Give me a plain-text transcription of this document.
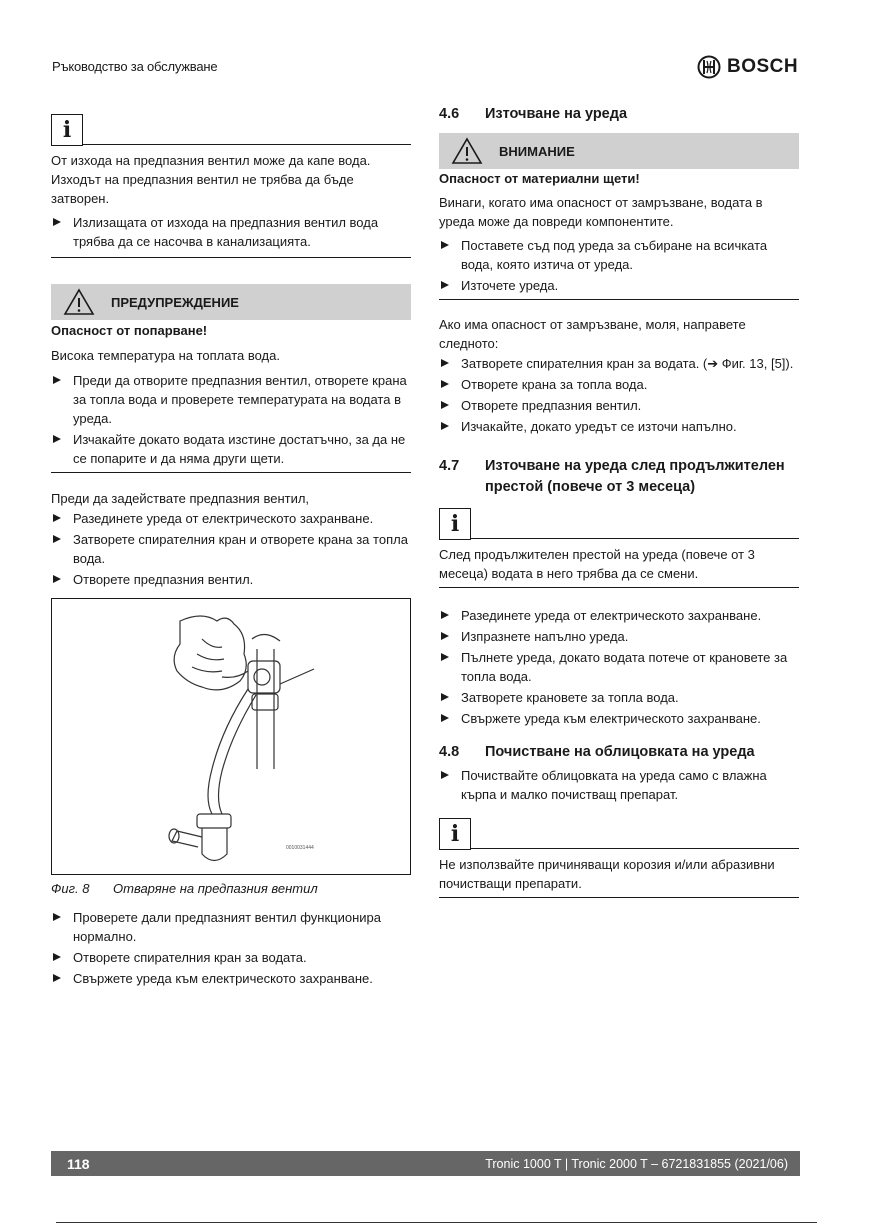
Ръководство за обслужване	BOSCH
i

От изхода на предпазния вентил може да капе вода. Изходът на предпазния вентил не трябва да бъде затворен.

Излизащата от изхода на предпазния вентил вода трябва да се насочва в канализацията.
ПРЕДУПРЕЖДЕНИЕ

Опасност от попарване!

Висока температура на топлата вода.

Преди да отворите предпазния вентил, отворете крана за топла вода и проверете температурата на водата в уреда.
Изчакайте докато водата изстине достатъчно, за да не се попарите и да няма други щети.

Преди да задействате предпазния вентил,

Разединете уреда от електрическото захранване.
Затворете спирателния кран и отворете крана за топла вода.
Отворете предпазния вентил.
0010031444
Фиг. 8	Отваряне на предпазния вентил
Проверете дали предпазният вентил функционира нормално.
Отворете спирателния кран за водата.
Свържете уреда към електрическото захранване.
4.6	Източване на уреда
ВНИМАНИЕ

Опасност от материални щети!

Винаги, когато има опасност от замръзване, водата в уреда може да повреди компонентите.

Поставете съд под уреда за събиране на всичката вода, която изтича от уреда.
Източете уреда.

Ако има опасност от замръзване, моля, направете следното:

Затворете спирателния кран за водата. (➔ Фиг. 13, [5]).
Отворете крана за топла вода.
Отворете предпазния вентил.
Изчакайте, докато уредът се източи напълно.
4.7	Източване на уреда след продължителен престой (повече от 3 месеца)
i

След продължителен престой на уреда (повече от 3 месеца) водата в него трябва да се смени.

Разединете уреда от електрическото захранване.
Изпразнете напълно уреда.
Пълнете уреда, докато водата потече от крановете за топла вода.
Затворете крановете за топла вода.
Свържете уреда към електрическото захранване.
4.8	Почистване на облицовката на уреда
Почиствайте облицовката на уреда само с влажна кърпа и малко почистващ препарат.
i

Не използвайте причиняващи корозия и/или абразивни почистващи препарати.

118	Tronic 1000 T | Tronic 2000 T – 6721831855 (2021/06)
